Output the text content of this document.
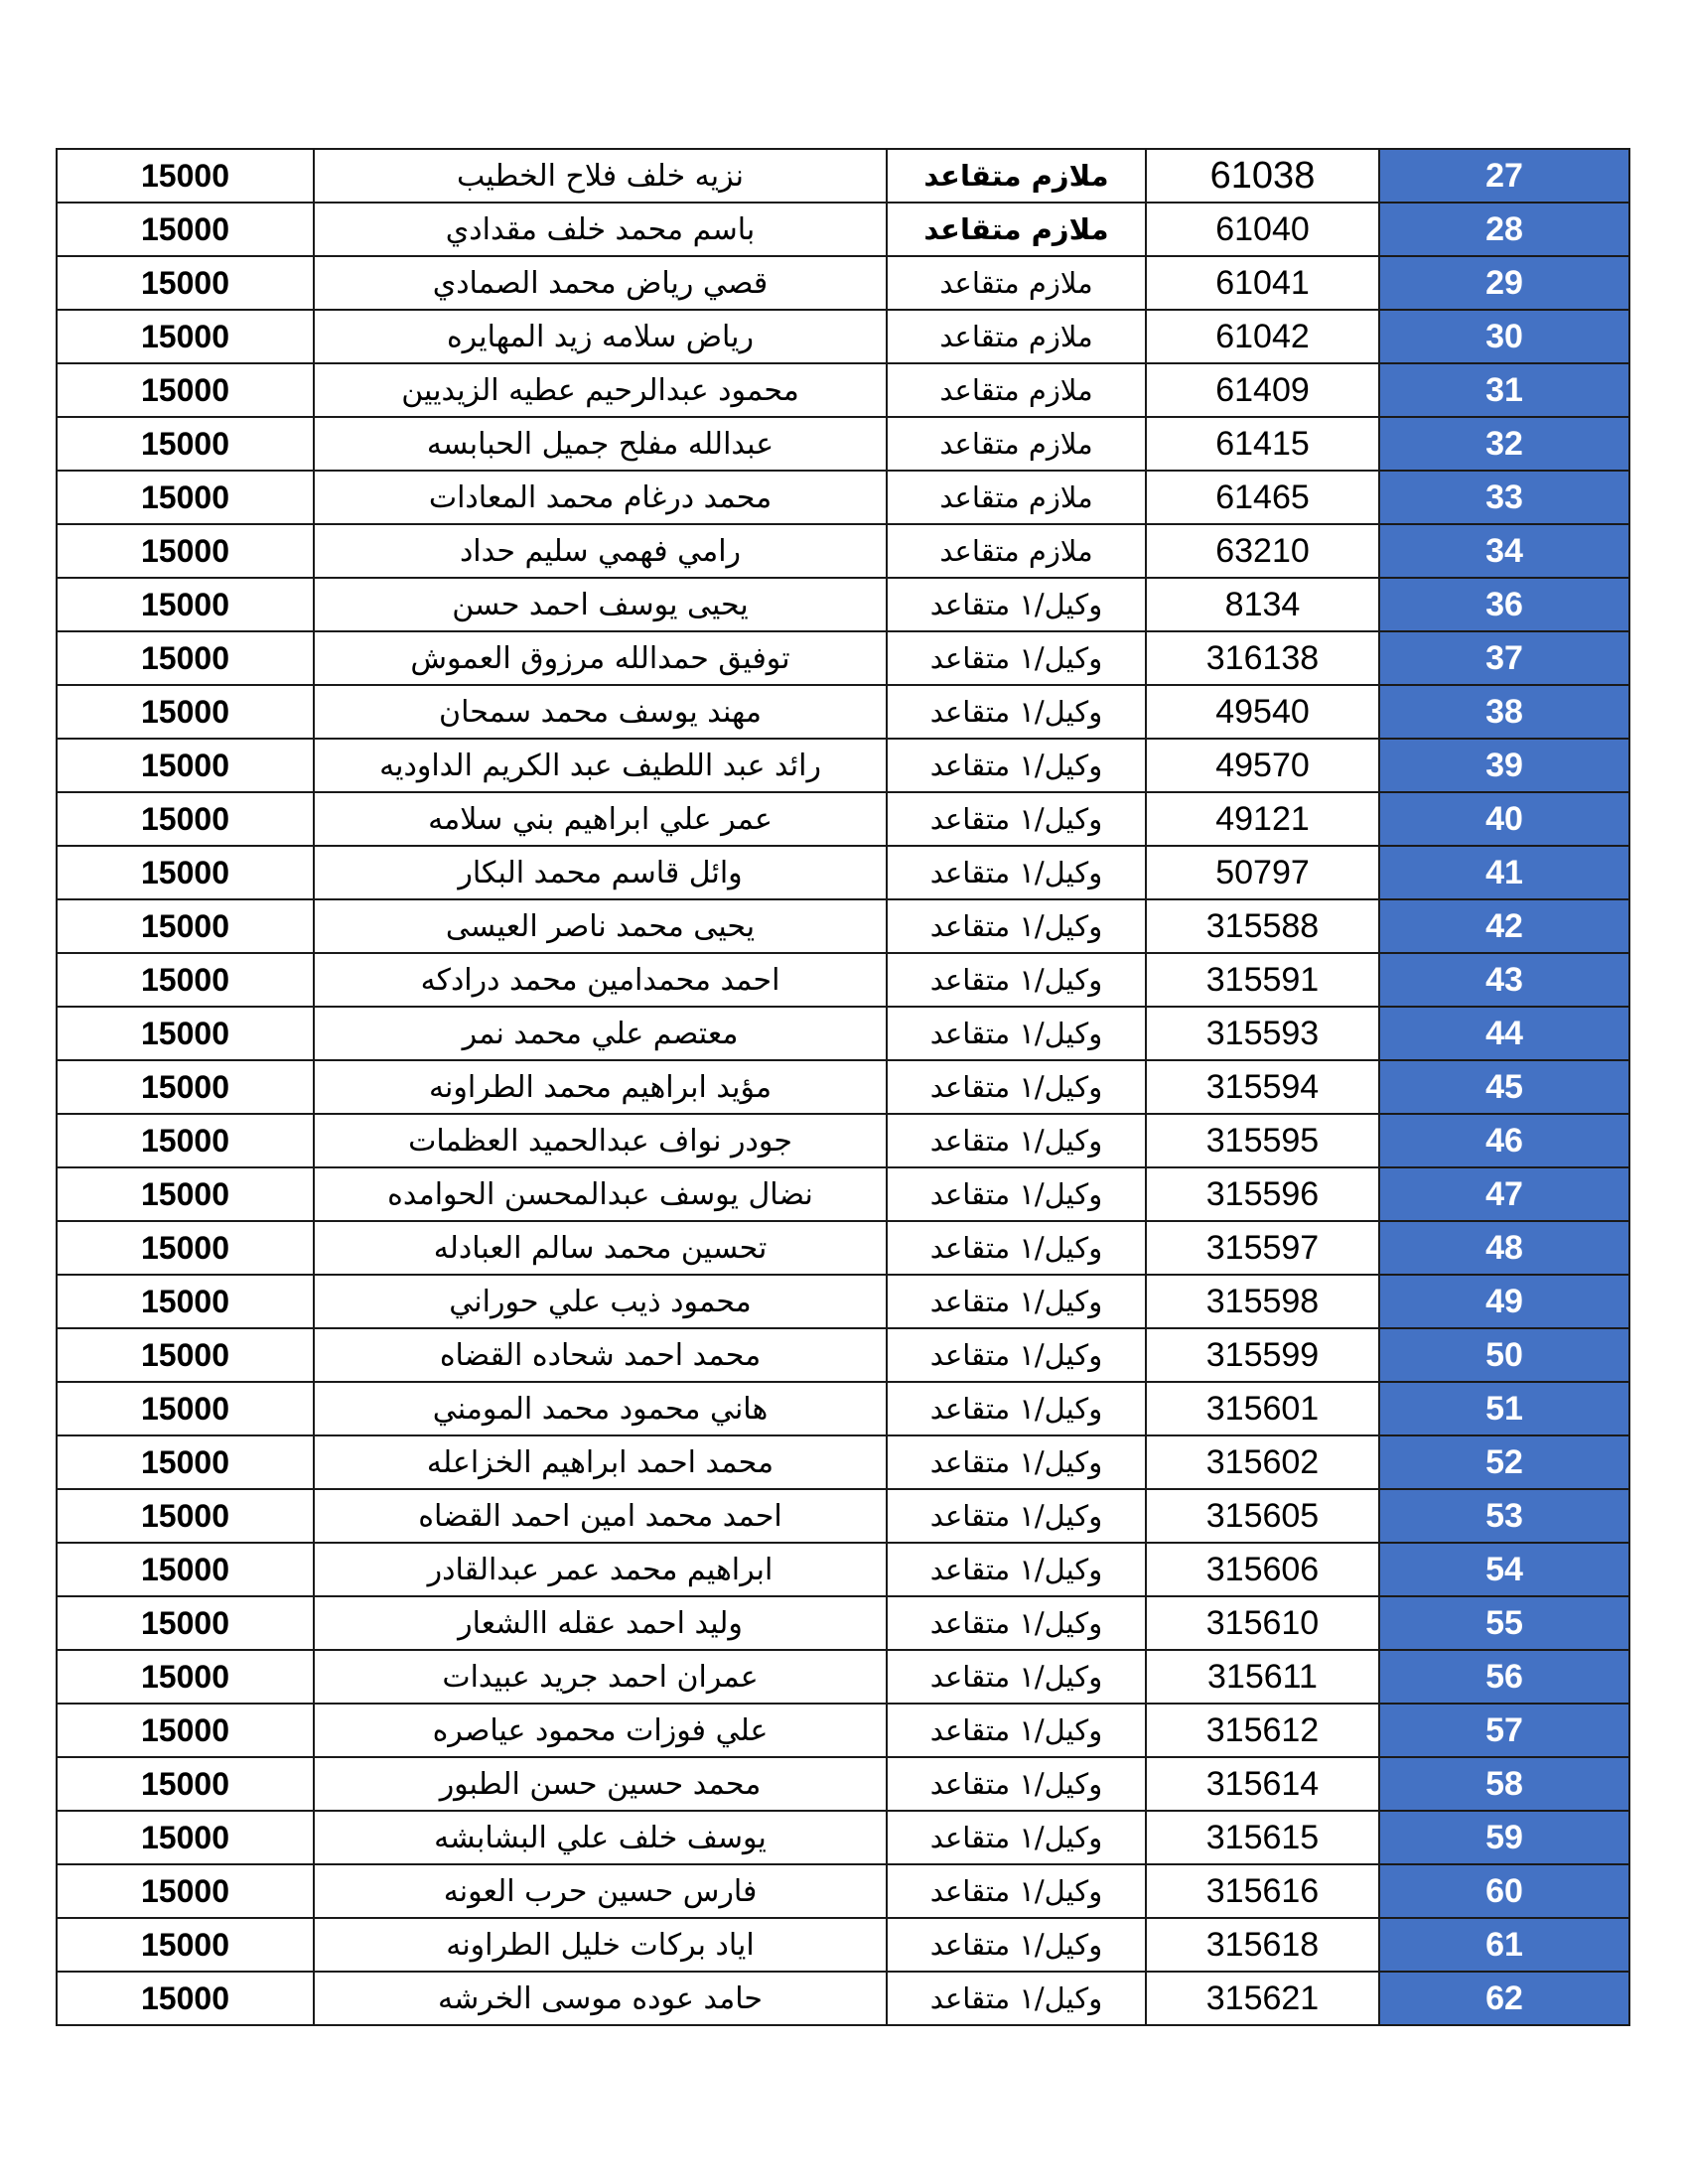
15000	نزيه خلف فلاح الخطيب	ملازم متقاعد	61038	27
15000	باسم محمد خلف مقدادي	ملازم متقاعد	61040	28
15000	قصي رياض محمد الصمادي	ملازم متقاعد	61041	29
15000	رياض سلامه زيد المهايره	ملازم متقاعد	61042	30
15000	محمود عبدالرحيم عطيه الزيديين	ملازم متقاعد	61409	31
15000	عبدالله مفلح جميل الحبابسه	ملازم متقاعد	61415	32
15000	محمد درغام محمد المعادات	ملازم متقاعد	61465	33
15000	رامي فهمي سليم حداد	ملازم متقاعد	63210	34
15000	يحيى يوسف احمد حسن	وكيل/١ متقاعد	8134	36
15000	توفيق حمدالله مرزوق العموش	وكيل/١ متقاعد	316138	37
15000	مهند يوسف محمد سمحان	وكيل/١ متقاعد	49540	38
15000	رائد عبد اللطيف عبد الكريم الداوديه	وكيل/١ متقاعد	49570	39
15000	عمر علي ابراهيم بني سلامه	وكيل/١ متقاعد	49121	40
15000	وائل قاسم محمد البكار	وكيل/١ متقاعد	50797	41
15000	يحيى محمد ناصر العيسى	وكيل/١ متقاعد	315588	42
15000	احمد محمدامين محمد درادكه	وكيل/١ متقاعد	315591	43
15000	معتصم علي محمد نمر	وكيل/١ متقاعد	315593	44
15000	مؤيد ابراهيم محمد الطراونه	وكيل/١ متقاعد	315594	45
15000	جودر نواف عبدالحميد العظمات	وكيل/١ متقاعد	315595	46
15000	نضال يوسف عبدالمحسن الحوامده	وكيل/١ متقاعد	315596	47
15000	تحسين محمد سالم العبادله	وكيل/١ متقاعد	315597	48
15000	محمود ذيب علي حوراني	وكيل/١ متقاعد	315598	49
15000	محمد احمد شحاده القضاه	وكيل/١ متقاعد	315599	50
15000	هاني محمود محمد المومني	وكيل/١ متقاعد	315601	51
15000	محمد احمد ابراهيم الخزاعله	وكيل/١ متقاعد	315602	52
15000	احمد محمد امين احمد القضاه	وكيل/١ متقاعد	315605	53
15000	ابراهيم محمد عمر عبدالقادر	وكيل/١ متقاعد	315606	54
15000	وليد احمد عقله االشعار	وكيل/١ متقاعد	315610	55
15000	عمران احمد جريد عبيدات	وكيل/١ متقاعد	315611	56
15000	علي فوزات محمود عياصره	وكيل/١ متقاعد	315612	57
15000	محمد حسين حسن الطبور	وكيل/١ متقاعد	315614	58
15000	يوسف خلف علي البشابشه	وكيل/١ متقاعد	315615	59
15000	فارس حسين حرب العونه	وكيل/١ متقاعد	315616	60
15000	اياد بركات خليل الطراونه	وكيل/١ متقاعد	315618	61
15000	حامد عوده موسى الخرشه	وكيل/١ متقاعد	315621	62
